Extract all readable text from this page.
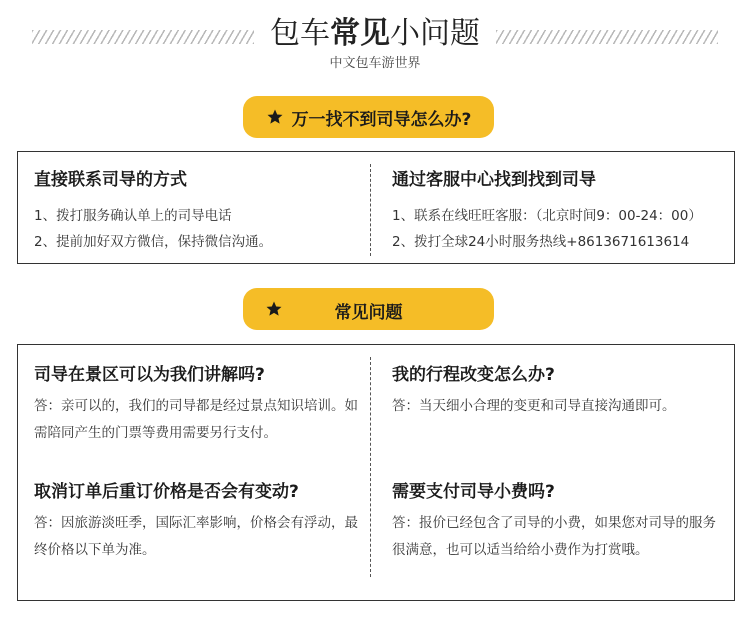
包车常见小问题
中文包车游世界
万一找不到司导怎么办?
直接联系司导的方式
1、拨打服务确认单上的司导电话
2、提前加好双方微信，保持微信沟通。
通过客服中心找到找到司导
1、联系在线旺旺客服：（北京时间9：00-24：00）
2、拨打全球24小时服务热线+8613671613614
常见问题
司导在景区可以为我们讲解吗?
答：亲可以的，我们的司导都是经过景点知识培训。如需陪同产生的门票等费用需要另行支付。
我的行程改变怎么办?
答：当天细小合理的变更和司导直接沟通即可。
取消订单后重订价格是否会有变动?
答：因旅游淡旺季，国际汇率影响，价格会有浮动，最终价格以下单为准。
需要支付司导小费吗?
答：报价已经包含了司导的小费，如果您对司导的服务很满意，也可以适当给给小费作为打赏哦。
